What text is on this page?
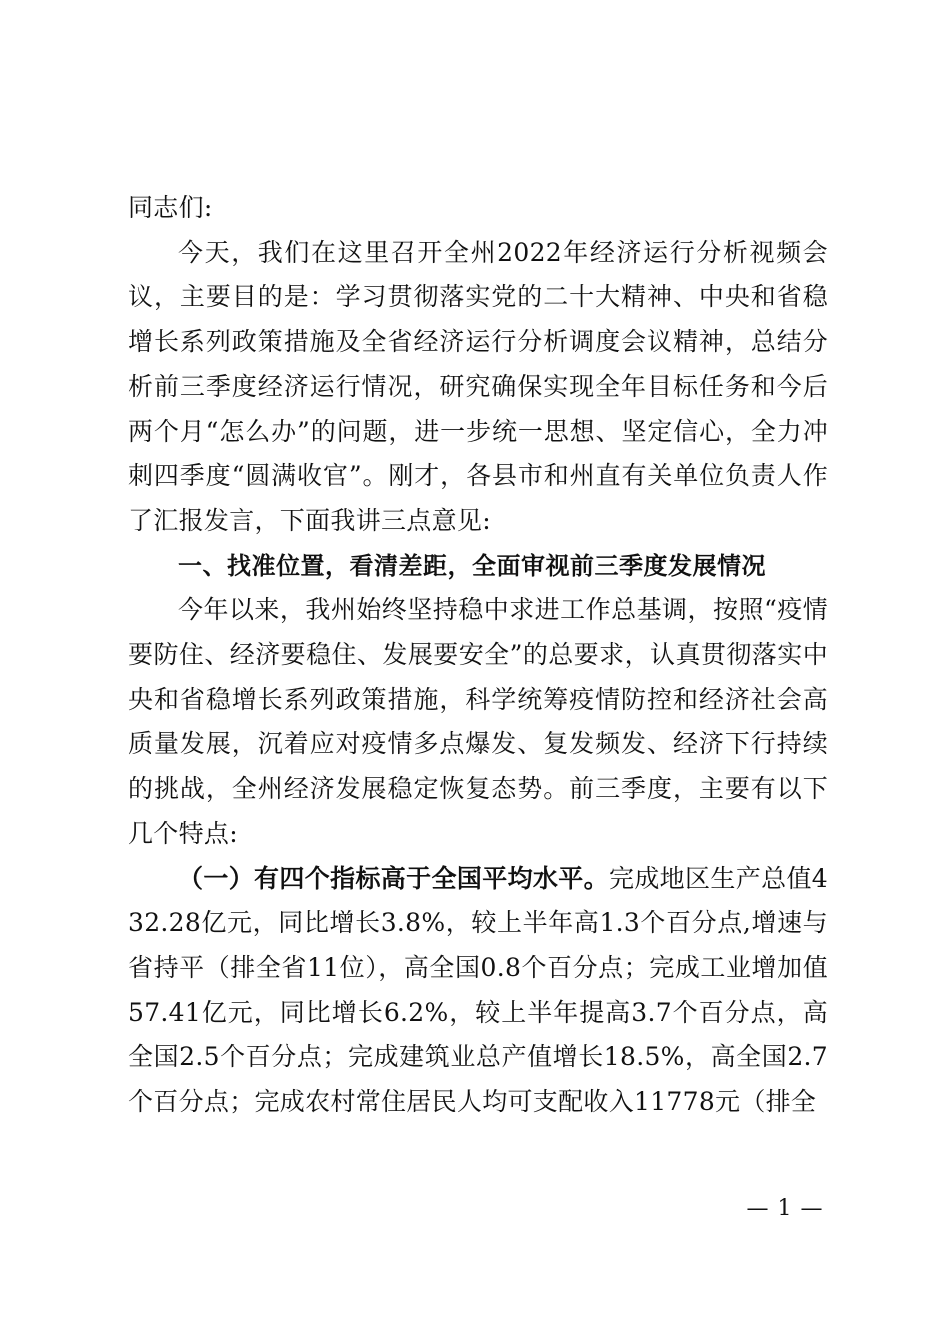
同志们:

今天，我们在这里召开全州2022年经济运行分析视频会议，主要目的是：学习贯彻落实党的二十大精神、中央和省稳增长系列政策措施及全省经济运行分析调度会议精神，总结分析前三季度经济运行情况，研究确保实现全年目标任务和今后两个月“怎么办”的问题，进一步统一思想、坚定信心，全力冲刺四季度“圆满收官”。刚才，各县市和州直有关单位负责人作了汇报发言，下面我讲三点意见:

一、找准位置，看清差距，全面审视前三季度发展情况

今年以来，我州始终坚持稳中求进工作总基调，按照“疫情要防住、经济要稳住、发展要安全”的总要求，认真贯彻落实中央和省稳增长系列政策措施，科学统筹疫情防控和经济社会高质量发展，沉着应对疫情多点爆发、复发频发、经济下行持续的挑战，全州经济发展稳定恢复态势。前三季度，主要有以下几个特点:

（一）有四个指标高于全国平均水平。完成地区生产总值432.28亿元，同比增长3.8%，较上半年高1.3个百分点,增速与省持平（排全省11位），高全国0.8个百分点；完成工业增加值57.41亿元，同比增长6.2%，较上半年提高3.7个百分点，高全国2.5个百分点；完成建筑业总产值增长18.5%，高全国2.7个百分点；完成农村常住居民人均可支配收入11778元（排全

— 1 —
